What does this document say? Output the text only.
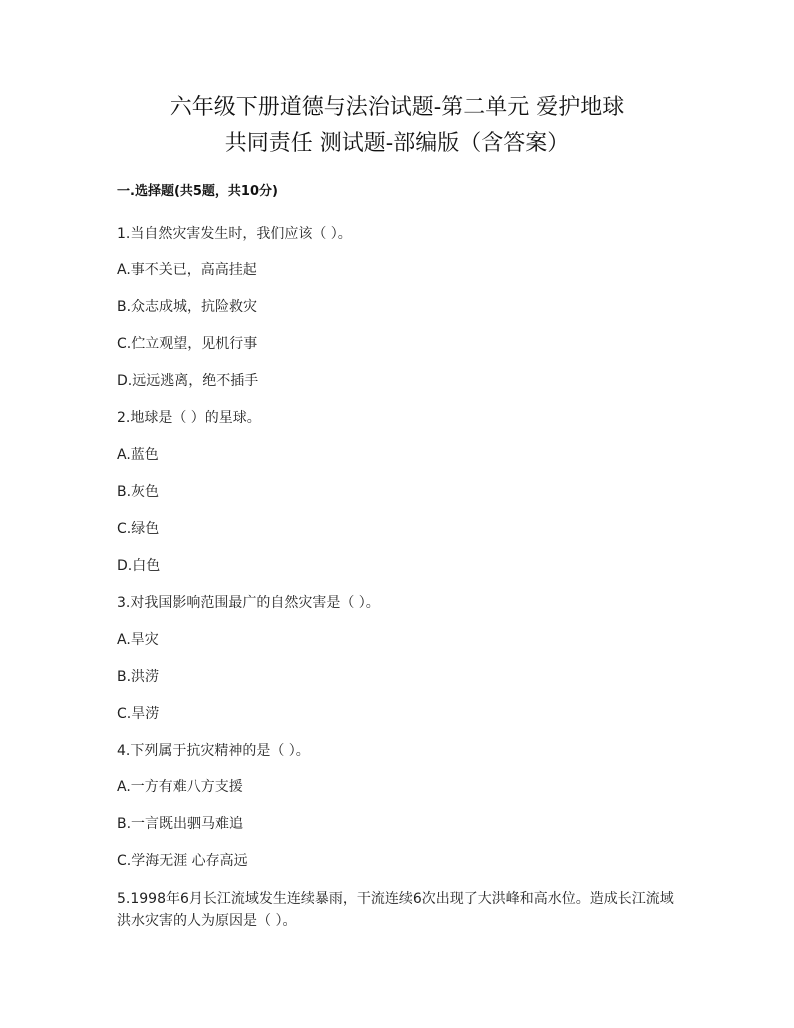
六年级下册道德与法治试题-第二单元 爱护地球
共同责任 测试题-部编版（含答案）
一.选择题(共5题，共10分)
1.当自然灾害发生时，我们应该（ ）。
A.事不关已，高高挂起
B.众志成城，抗险救灾
C.伫立观望，见机行事
D.远远逃离，绝不插手
2.地球是（ ）的星球。
A.蓝色
B.灰色
C.绿色
D.白色
3.对我国影响范围最广的自然灾害是（ ）。
A.旱灾
B.洪涝
C.旱涝
4.下列属于抗灾精神的是（ ）。
A.一方有难八方支援
B.一言既出驷马难追
C.学海无涯 心存高远
5.1998年6月长江流域发生连续暴雨，干流连续6次出现了大洪峰和高水位。造成长江流域洪水灾害的人为原因是（ ）。
